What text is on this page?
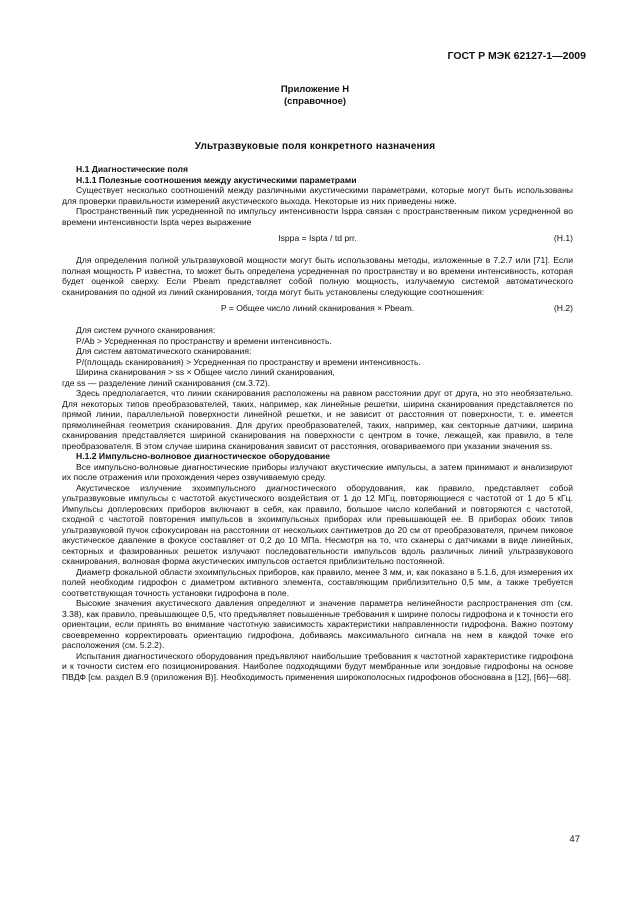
ГОСТ Р МЭК 62127-1—2009
Приложение Н
(справочное)
Ультразвуковые поля конкретного назначения

Н.1 Диагностические поля

Н.1.1 Полезные соотношения между акустическими параметрами

Существует несколько соотношений между различными акустическими параметрами, которые могут быть использованы для проверки правильности измерений акустического выхода. Некоторые из них приведены ниже.

Пространственный пик усредненной по импульсу интенсивности Isppa связан с пространственным пиком усредненной во времени интенсивности Ispta через выражение

Isppa = Ispta / td prr.	(Н.1)

Для определения полной ультразвуковой мощности могут быть использованы методы, изложенные в 7.2.7 или [71]. Если полная мощность P известна, то может быть определена усредненная по пространству и во времени интенсивность, которая будет оценкой сверху. Если Pbeam представляет собой полную мощность, излучаемую системой автоматического сканирования по одной из линий сканирования, тогда могут быть установлены следующие соотношения:

P = Общее число линий сканирования × Pbeam.	(Н.2)

Для систем ручного сканирования:

P/Ab > Усредненная по пространству и времени интенсивность.

Для систем автоматического сканирования:

P/(площадь сканирования) > Усредненная по пространству и времени интенсивность.

Ширина сканирования > ss × Общее число линий сканирования,

где ss — разделение линий сканирования (см.3.72).

Здесь предполагается, что линии сканирования расположены на равном расстоянии друг от друга, но это необязательно. Для некоторых типов преобразователей, таких, например, как линейные решетки, ширина сканирования представляется по прямой линии, параллельной поверхности линейной решетки, и не зависит от расстояния от поверхности, т. е. имеется прямолинейная геометрия сканирования. Для других преобразователей, таких, например, как секторные датчики, ширина сканирования представляется шириной сканирования на поверхности с центром в точке, лежащей, как правило, в теле преобразователя. В этом случае ширина сканирования зависит от расстояния, оговариваемого при указании значения ss.

Н.1.2 Импульсно-волновое диагностическое оборудование

Все импульсно-волновые диагностические приборы излучают акустические импульсы, а затем принимают и анализируют их после отражения или прохождения через озвучиваемую среду.

Акустическое излучение эхоимпульсного диагностического оборудования, как правило, представляет собой ультразвуковые импульсы с частотой акустического воздействия от 1 до 12 МГц, повторяющиеся с частотой от 1 до 5 кГц. Импульсы доплеровских приборов включают в себя, как правило, большое число колебаний и повторяются с частотой, сходной с частотой повторения импульсов в эхоимпульсных приборах или превышающей ее. В приборах обоих типов ультразвуковой пучок сфокусирован на расстоянии от нескольких сантиметров до 20 см от преобразователя, причем пиковое акустическое давление в фокусе составляет от 0,2 до 10 МПа. Несмотря на то, что сканеры с датчиками в виде линейных, секторных и фазированных решеток излучают последовательности импульсов вдоль различных линий ультразвукового сканирования, волновая форма акустических импульсов остается приблизительно постоянной.

Диаметр фокальной области эхоимпульсных приборов, как правило, менее 3 мм, и, как показано в 5.1.6, для измерения их полей необходим гидрофон с диаметром активного элемента, составляющим приблизительно 0,5 мм, а также требуется соответствующая точность установки гидрофона в поле.

Высокие значения акустического давления определяют и значение параметра нелинейности распространения σm (см. 3.38), как правило, превышающее 0,5, что предъявляет повышенные требования к ширине полосы гидрофона и к точности его ориентации, если принять во внимание частотную зависимость характеристики направленности гидрофона. Важно поэтому своевременно корректировать ориентацию гидрофона, добиваясь максимального сигнала на нем в каждой точке его расположения (см. 5.2.2).

Испытания диагностического оборудования предъявляют наибольшие требования к частотной характеристике гидрофона и к точности систем его позиционирования. Наиболее подходящими будут мембранные или зондовые гидрофоны на основе ПВДФ [см. раздел В.9 (приложения В)]. Необходимость применения широкополосных гидрофонов обоснована в [12], [66]—68].

47
